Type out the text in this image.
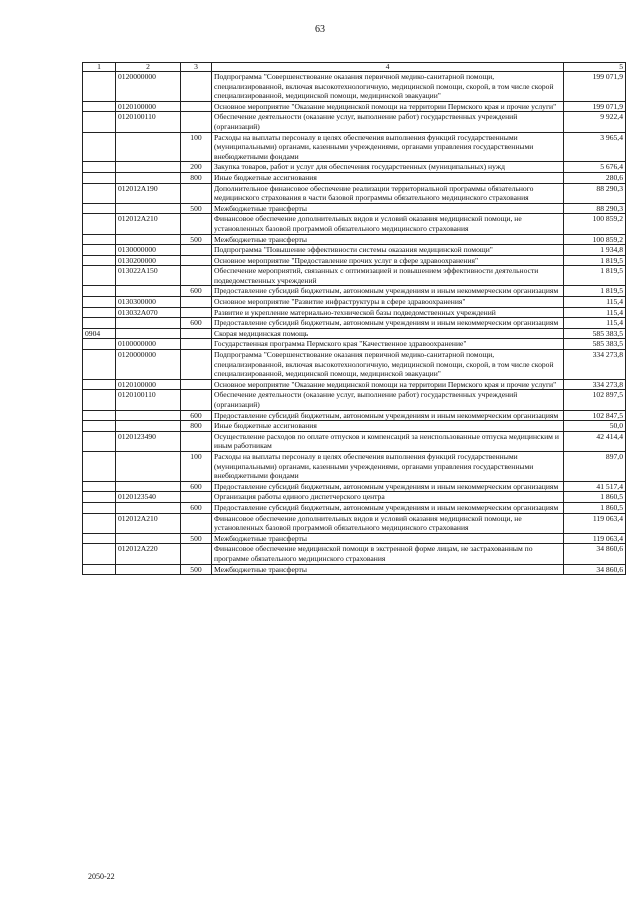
63
1	2	3	4	5
	0120000000		Подпрограмма "Совершенствование оказания первичной медико-санитарной помощи, специализированной, включая высокотехнологичную, медицинской помощи, скорой, в том числе скорой специализированной, медицинской помощи, медицинской эвакуации"	199 071,9
	0120100000		Основное мероприятие "Оказание медицинской помощи на территории Пермского края и прочие услуги"	199 071,9
	0120100110		Обеспечение деятельности (оказание услуг, выполнение работ) государственных учреждений (организаций)	9 922,4
		100	Расходы на выплаты персоналу в целях обеспечения выполнения функций государственными (муниципальными) органами, казенными учреждениями, органами управления государственными внебюджетными фондами	3 965,4
		200	Закупка товаров, работ и услуг для обеспечения государственных (муниципальных) нужд	5 676,4
		800	Иные бюджетные ассигнования	280,6
	012012А190		Дополнительное финансовое обеспечение реализации территориальной программы обязательного медицинского страхования в части базовой программы обязательного медицинского страхования	88 290,3
		500	Межбюджетные трансферты	88 290,3
	012012А210		Финансовое обеспечение дополнительных видов и условий оказания медицинской помощи, не установленных базовой программой обязательного медицинского страхования	100 859,2
		500	Межбюджетные трансферты	100 859,2
	0130000000		Подпрограмма "Повышение эффективности системы оказания медицинской помощи"	1 934,8
	0130200000		Основное мероприятие "Предоставление прочих услуг в сфере здравоохранения"	1 819,5
	013022А150		Обеспечение мероприятий, связанных с оптимизацией и повышением эффективности деятельности подведомственных учреждений	1 819,5
		600	Предоставление субсидий бюджетным, автономным учреждениям и иным некоммерческим организациям	1 819,5
	0130300000		Основное мероприятие "Развитие инфраструктуры в сфере здравоохранения"	115,4
	013032А070		Развитие и укрепление материально-технической базы подведомственных учреждений	115,4
		600	Предоставление субсидий бюджетным, автономным учреждениям и иным некоммерческим организациям	115,4
0904			Скорая медицинская помощь	585 383,5
	0100000000		Государственная программа Пермского края "Качественное здравоохранение"	585 383,5
	0120000000		Подпрограмма "Совершенствование оказания первичной медико-санитарной помощи, специализированной, включая высокотехнологичную, медицинской помощи, скорой, в том числе скорой специализированной, медицинской помощи, медицинской эвакуации"	334 273,8
	0120100000		Основное мероприятие "Оказание медицинской помощи на территории Пермского края и прочие услуги"	334 273,8
	0120100110		Обеспечение деятельности (оказание услуг, выполнение работ) государственных учреждений (организаций)	102 897,5
		600	Предоставление субсидий бюджетным, автономным учреждениям и иным некоммерческим организациям	102 847,5
		800	Иные бюджетные ассигнования	50,0
	0120123490		Осуществление расходов по оплате отпусков и компенсаций за неиспользованные отпуска медицинским и иным работникам	42 414,4
		100	Расходы на выплаты персоналу в целях обеспечения выполнения функций государственными (муниципальными) органами, казенными учреждениями, органами управления государственными внебюджетными фондами	897,0
		600	Предоставление субсидий бюджетным, автономным учреждениям и иным некоммерческим организациям	41 517,4
	0120123540		Организация работы единого диспетчерского центра	1 860,5
		600	Предоставление субсидий бюджетным, автономным учреждениям и иным некоммерческим организациям	1 860,5
	012012А210		Финансовое обеспечение дополнительных видов и условий оказания медицинской помощи, не установленных базовой программой обязательного медицинского страхования	119 063,4
		500	Межбюджетные трансферты	119 063,4
	012012А220		Финансовое обеспечение медицинской помощи в экстренной форме лицам, не застрахованным по программе обязательного медицинского страхования	34 860,6
		500	Межбюджетные трансферты	34 860,6
2050-22
